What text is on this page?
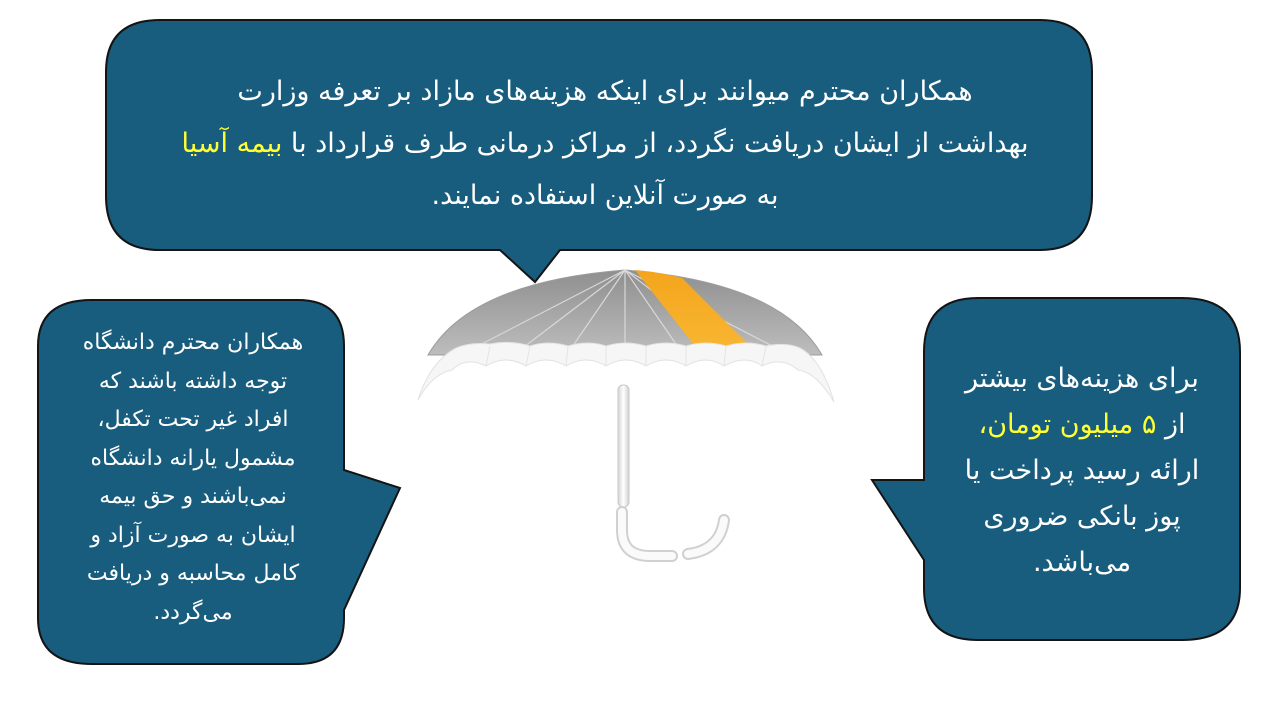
همکاران محترم میوانند برای اینکه هزینه‌های مازاد بر تعرفه وزارت
بهداشت از ایشان دریافت نگردد، از مراکز درمانی طرف قرارداد با بیمه آسیا
به صورت آنلاین استفاده نمایند.
همکاران محترم دانشگاه
توجه داشته باشند که
افراد غیر تحت تکفل،
مشمول یارانه دانشگاه
نمی‌باشند و حق بیمه
ایشان به صورت آزاد و
کامل محاسبه و دریافت
می‌گردد.
برای هزینه‌های بیشتر
از ۵ میلیون تومان،
ارائه رسید پرداخت یا
پوز بانکی ضروری
می‌باشد.
